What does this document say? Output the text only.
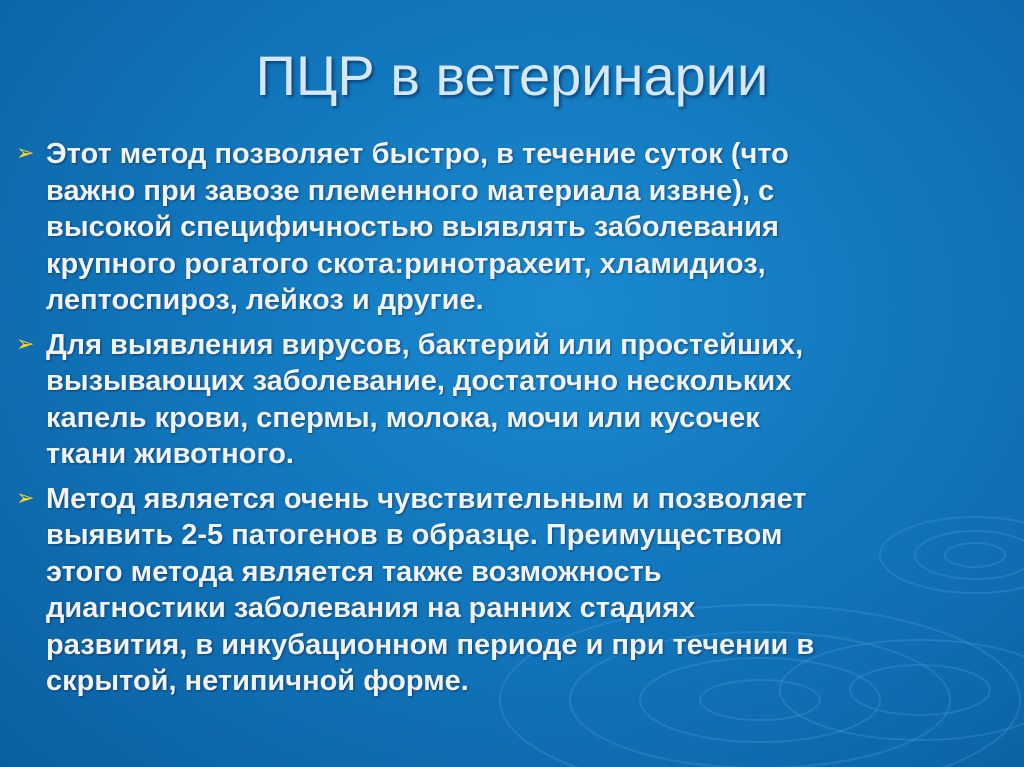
ПЦР в ветеринарии
➢ Этот метод позволяет быстро, в течение суток (что
важно при завозе племенного материала извне), с
высокой специфичностью выявлять заболевания
крупного рогатого скота:ринотрахеит, хламидиоз,
лептоспироз, лейкоз и другие.
➢ Для выявления вирусов, бактерий или простейших,
вызывающих заболевание, достаточно нескольких
капель крови, спермы, молока, мочи или кусочек
ткани животного.
➢ Метод является очень чувствительным и позволяет
выявить 2-5 патогенов в образце. Преимуществом
этого метода является также возможность
диагностики заболевания на ранних стадиях
развития, в инкубационном периоде и при течении в
скрытой, нетипичной форме.
